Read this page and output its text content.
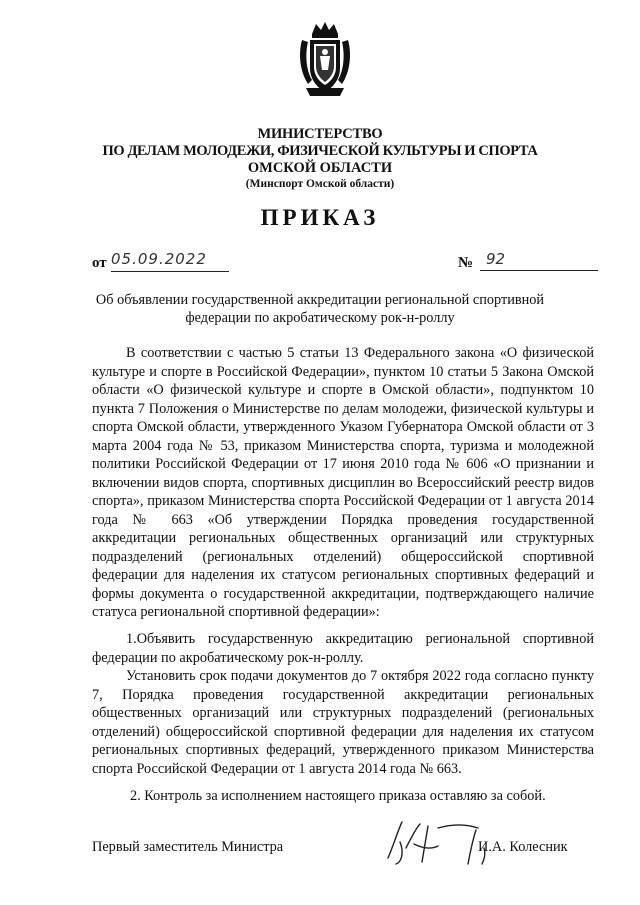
МИНИСТЕРСТВО
ПО ДЕЛАМ МОЛОДЕЖИ, ФИЗИЧЕСКОЙ КУЛЬТУРЫ И СПОРТА
ОМСКОЙ ОБЛАСТИ
(Минспорт Омской области)
ПРИКАЗ
от 05.09.2022	№ 92
Об объявлении государственной аккредитации региональной спортивной федерации по акробатическому рок-н-роллу
В соответствии с частью 5 статьи 13 Федерального закона «О физической культуре и спорте в Российской Федерации», пунктом 10 статьи 5 Закона Омской области «О физической культуре и спорте в Омской области», подпунктом 10 пункта 7 Положения о Министерстве по делам молодежи, физической культуры и спорта Омской области, утвержденного Указом Губернатора Омской области от 3 марта 2004 года № 53, приказом Министерства спорта, туризма и молодежной политики Российской Федерации от 17 июня 2010 года № 606 «О признании и включении видов спорта, спортивных дисциплин во Всероссийский реестр видов спорта», приказом Министерства спорта Российской Федерации от 1 августа 2014 года № 663 «Об утверждении Порядка проведения государственной аккредитации региональных общественных организаций или структурных подразделений (региональных отделений) общероссийской спортивной федерации для наделения их статусом региональных спортивных федераций и формы документа о государственной аккредитации, подтверждающего наличие статуса региональной спортивной федерации»:
1.Объявить государственную аккредитацию региональной спортивной федерации по акробатическому рок-н-роллу.
Установить срок подачи документов до 7 октября 2022 года согласно пункту 7, Порядка проведения государственной аккредитации региональных общественных организаций или структурных подразделений (региональных отделений) общероссийской спортивной федерации для наделения их статусом региональных спортивных федераций, утвержденного приказом Министерства спорта Российской Федерации от 1 августа 2014 года № 663.
2. Контроль за исполнением настоящего приказа оставляю за собой.
Первый заместитель Министра	И.А. Колесник
